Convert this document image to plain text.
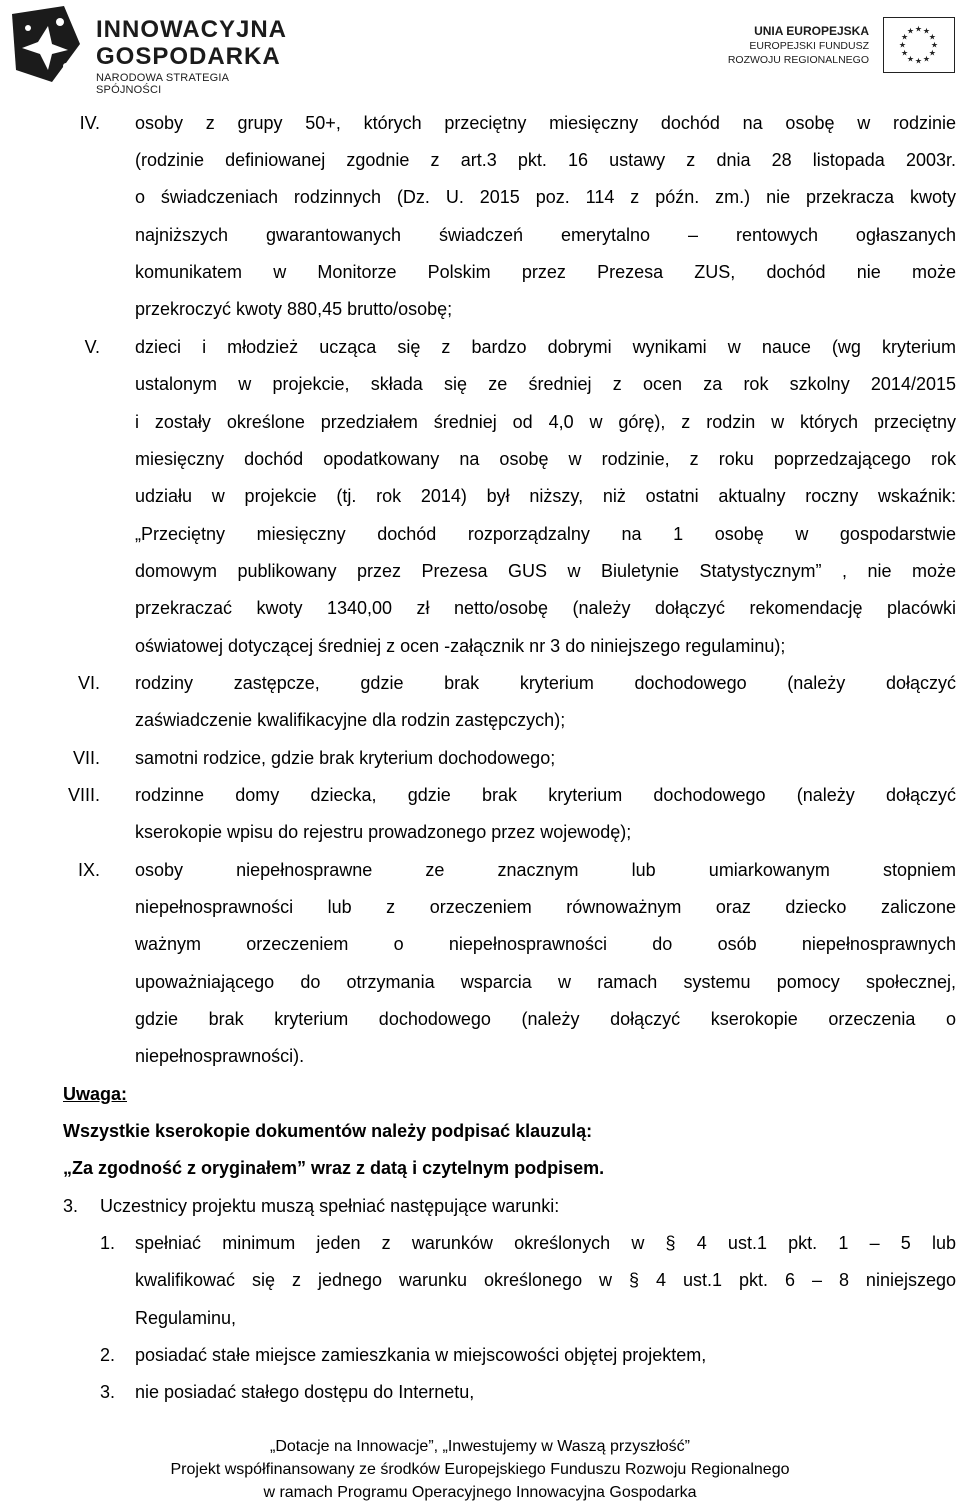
INNOWACYJNA
GOSPODARKA
NARODOWA STRATEGIA SPÓJNOŚCI
UNIA EUROPEJSKA
EUROPEJSKI FUNDUSZ
ROZWOJU REGIONALNEGO
★
★
★
★
★
★
★
★
★ ★ ★
★
IV. osoby z grupy 50+, których przeciętny miesięczny dochód na osobę w rodzinie
(rodzinie definiowanej zgodnie z art.3 pkt. 16 ustawy z dnia 28 listopada 2003r.
o świadczeniach rodzinnych (Dz. U. 2015 poz. 114 z późn. zm.) nie przekracza kwoty
najniższych gwarantowanych świadczeń emerytalno – rentowych ogłaszanych
komunikatem w Monitorze Polskim przez Prezesa ZUS, dochód nie może
przekroczyć kwoty 880,45 brutto/osobę;
V. dzieci i młodzież ucząca się z bardzo dobrymi wynikami w nauce (wg kryterium
ustalonym w projekcie, składa się ze średniej z ocen za rok szkolny 2014/2015
i zostały określone przedziałem średniej od 4,0 w górę), z rodzin w których przeciętny
miesięczny dochód opodatkowany na osobę w rodzinie, z roku poprzedzającego rok
udziału w projekcie (tj. rok 2014) był niższy, niż ostatni aktualny roczny wskaźnik:
„Przeciętny miesięczny dochód rozporządzalny na 1 osobę w gospodarstwie
domowym publikowany przez Prezesa GUS w Biuletynie Statystycznym” , nie może
przekraczać kwoty 1340,00 zł netto/osobę (należy dołączyć rekomendację placówki
oświatowej dotyczącej średniej z ocen -załącznik nr 3 do niniejszego regulaminu);
VI. rodziny zastępcze, gdzie brak kryterium dochodowego (należy dołączyć
zaświadczenie kwalifikacyjne dla rodzin zastępczych);
VII. samotni rodzice, gdzie brak kryterium dochodowego;
VIII. rodzinne domy dziecka, gdzie brak kryterium dochodowego (należy dołączyć
kserokopie wpisu do rejestru prowadzonego przez wojewodę);
IX. osoby niepełnosprawne ze znacznym lub umiarkowanym stopniem
niepełnosprawności lub z orzeczeniem równoważnym oraz dziecko zaliczone
ważnym orzeczeniem o niepełnosprawności do osób niepełnosprawnych
upoważniającego do otrzymania wsparcia w ramach systemu pomocy społecznej,
gdzie brak kryterium dochodowego (należy dołączyć kserokopie orzeczenia o
niepełnosprawności).
Uwaga:
Wszystkie kserokopie dokumentów należy podpisać klauzulą:
„Za zgodność z oryginałem” wraz z datą i czytelnym podpisem.
3. Uczestnicy projektu muszą spełniać następujące warunki:
1. spełniać minimum jeden z warunków określonych w § 4 ust.1 pkt. 1 – 5 lub
kwalifikować się z jednego warunku określonego w § 4 ust.1 pkt. 6 – 8 niniejszego
Regulaminu,
2. posiadać stałe miejsce zamieszkania w miejscowości objętej projektem,
3. nie posiadać stałego dostępu do Internetu,
„Dotacje na Innowacje”, „Inwestujemy w Waszą przyszłość”
Projekt współfinansowany ze środków Europejskiego Funduszu Rozwoju Regionalnego
w ramach Programu Operacyjnego Innowacyjna Gospodarka
